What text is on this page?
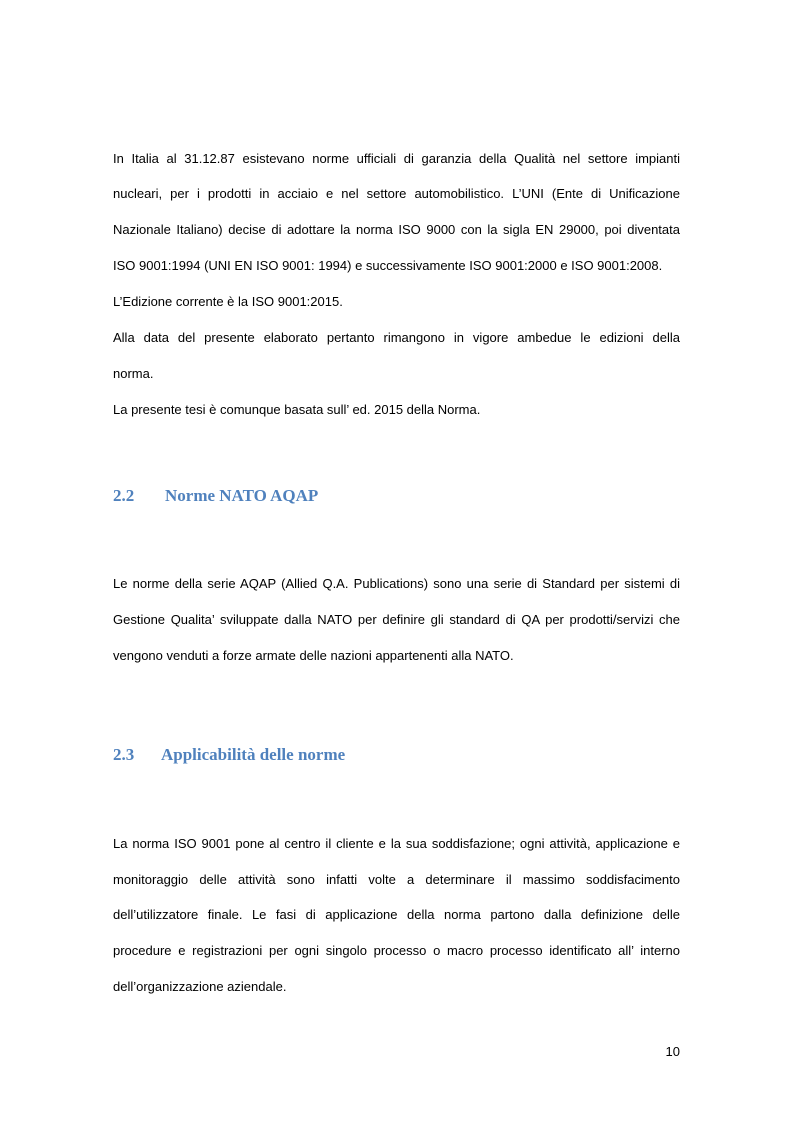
In Italia al 31.12.87 esistevano norme ufficiali di garanzia della Qualità nel settore impianti

nucleari, per i prodotti in acciaio e nel settore automobilistico. L’UNI (Ente di Unificazione

Nazionale Italiano) decise di adottare la norma ISO 9000 con la sigla EN 29000, poi diventata

ISO 9001:1994 (UNI EN ISO 9001: 1994) e successivamente ISO 9001:2000 e ISO 9001:2008.

L’Edizione corrente è la ISO 9001:2015.

Alla data del presente elaborato pertanto rimangono in vigore ambedue le edizioni della

norma.

La presente tesi è comunque basata sull’ ed. 2015 della Norma.

2.2 Norme NATO AQAP

Le norme della serie AQAP (Allied Q.A. Publications) sono una serie di Standard per sistemi di

Gestione Qualita’ sviluppate dalla NATO per definire gli standard di QA per prodotti/servizi che

vengono venduti a forze armate delle nazioni appartenenti alla NATO.

2.3 Applicabilità delle norme

La norma ISO 9001 pone al centro il cliente e la sua soddisfazione; ogni attività, applicazione e

monitoraggio delle attività sono infatti volte a determinare il massimo soddisfacimento

dell’utilizzatore finale. Le fasi di applicazione della norma partono dalla definizione delle

procedure e registrazioni per ogni singolo processo o macro processo identificato all’ interno

dell’organizzazione aziendale.

10
